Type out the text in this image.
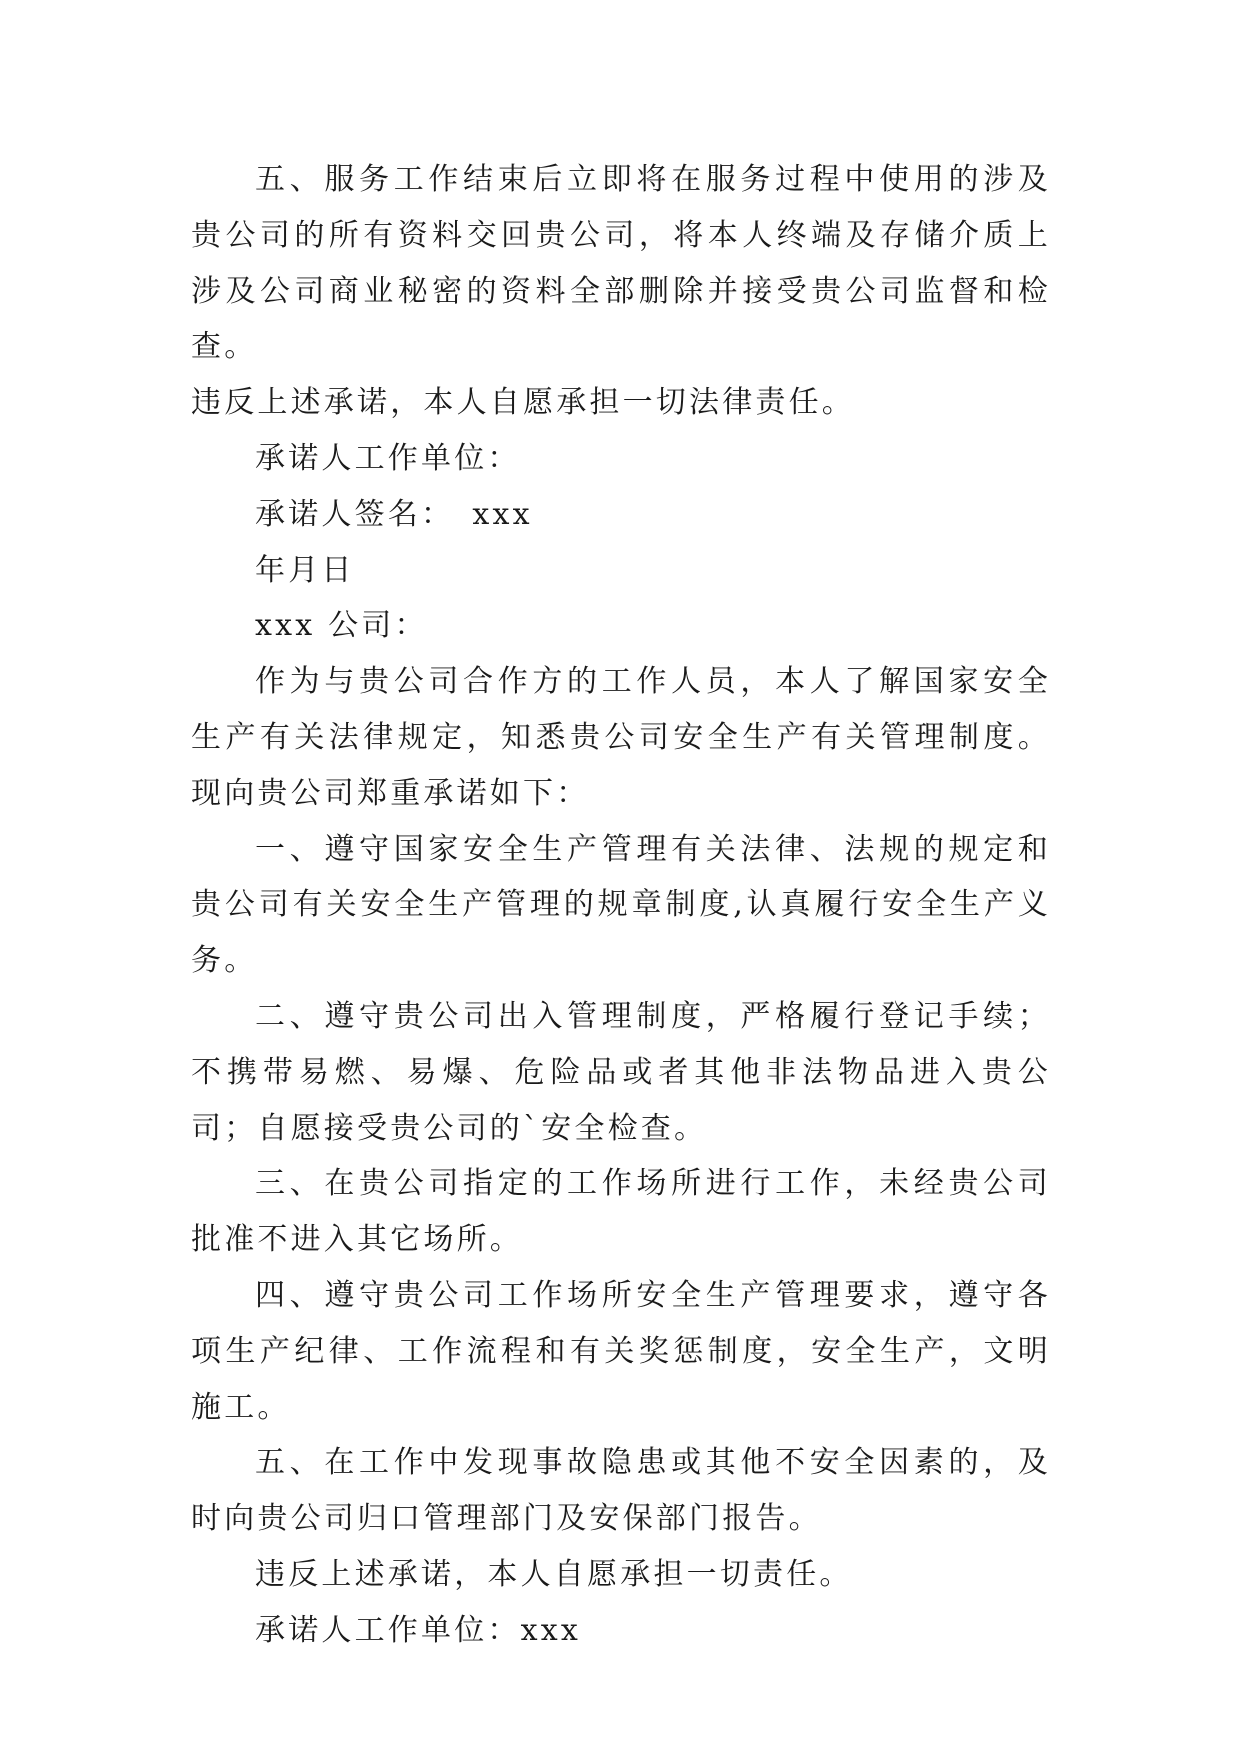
五、服务工作结束后立即将在服务过程中使用的涉及贵公司的所有资料交回贵公司，将本人终端及存储介质上涉及公司商业秘密的资料全部删除并接受贵公司监督和检查。

违反上述承诺，本人自愿承担一切法律责任。

承诺人工作单位：

承诺人签名：　xxx

年月日

xxx 公司：

作为与贵公司合作方的工作人员，本人了解国家安全生产有关法律规定，知悉贵公司安全生产有关管理制度。现向贵公司郑重承诺如下：

一、遵守国家安全生产管理有关法律、法规的规定和贵公司有关安全生产管理的规章制度,认真履行安全生产义务。

二、遵守贵公司出入管理制度，严格履行登记手续；不携带易燃、易爆、危险品或者其他非法物品进入贵公司；自愿接受贵公司的`安全检查。

三、在贵公司指定的工作场所进行工作，未经贵公司批准不进入其它场所。

四、遵守贵公司工作场所安全生产管理要求，遵守各项生产纪律、工作流程和有关奖惩制度，安全生产，文明施工。

五、在工作中发现事故隐患或其他不安全因素的，及时向贵公司归口管理部门及安保部门报告。

违反上述承诺，本人自愿承担一切责任。

承诺人工作单位：xxx
